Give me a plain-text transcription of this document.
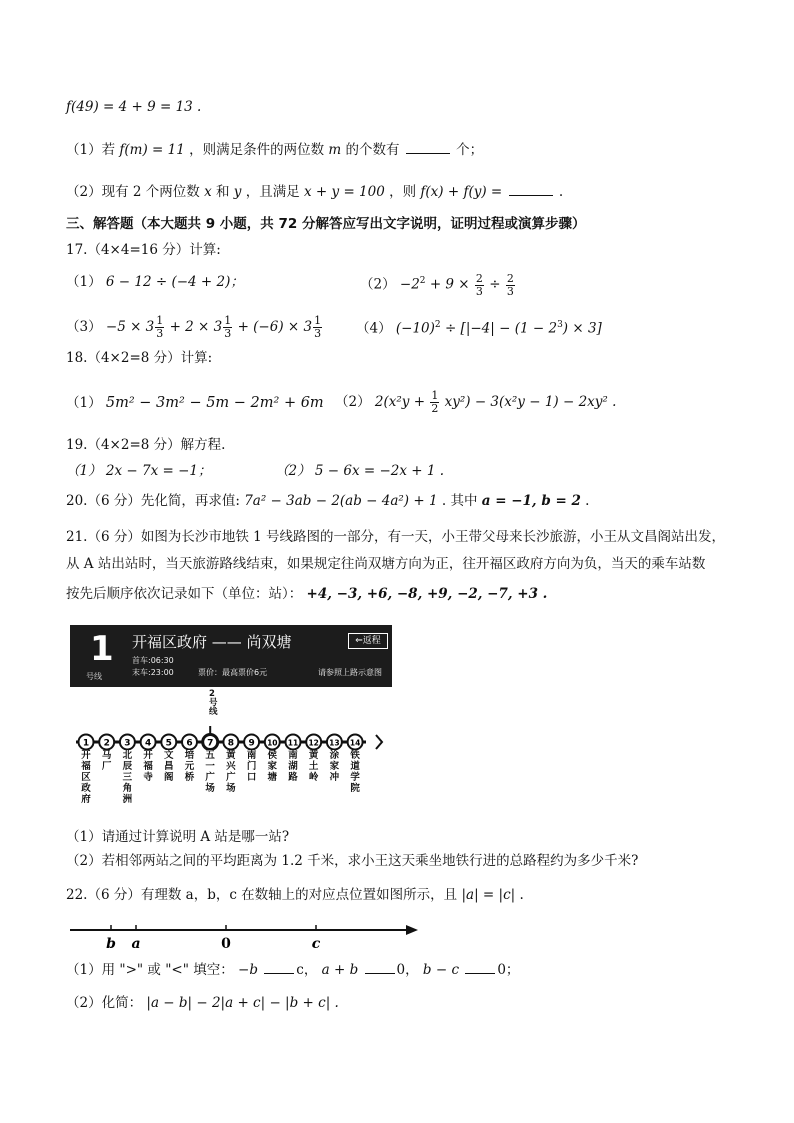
f(49) = 4 + 9 = 13 .
（1）若 f(m) = 11 ，则满足条件的两位数 m 的个数有	个；
（2）现有 2 个两位数 x 和 y ，且满足 x + y = 100 ，则 f(x) + f(y) =	.
三、解答题（本大题共 9 小题，共 72 分解答应写出文字说明，证明过程或演算步骤）
17.（4×4=16 分）计算:
（1） 6 − 12 ÷ (−4 + 2)；	$(2) -2^2 + 9 \times \frac{2}{3} \div \frac{2}{3}$
$(3) -5 \times 3 \frac{1}{3} + 2 \times 3 \frac{1}{3} + (-6) \times 3 \frac{1}{3}$	（4） $(-10)^2 \div [|-4| - (1 - 2^3) \times 3]$
18.（4×2=8 分）计算:
（1） 5m² − 3m² − 5m − 2m² + 6m （2） $2(x^2y + \frac{1}{2} xy^2) - 3(x^2y - 1) - 2xy^2$ .
19.（4×2=8 分）解方程.
（1） 2x − 7x = −1；	（2） 5 − 6x = −2x + 1 .
20.（6 分）先化简，再求值: 7a² − 3ab − 2(ab − 4a²) + 1 . 其中 a = −1, b = 2 .
21.（6 分）如图为长沙市地铁 1 号线路图的一部分，有一天，小王带父母来长沙旅游，小王从文昌阁站出发，
从 A 站出站时，当天旅游路线结束，如果规定往尚双塘方向为正，往开福区政府方向为负，当天的乘车站数
按先后顺序依次记录如下（单位：站）： +4, −3, +6, −8, +9, −2, −7, +3 .
1
号线
开福区政府 —— 尚双塘	⇐返程
首车:06:30
末车:23:00	票价：最高票价6元	请参照上路示意图
1 2 3 4 5 6 7 8 9 10 11 12 13 14
2号线
开福区政府
马厂
北辰三角洲
开福寺
文昌阁
培元桥
五一广场
黄兴广场
南门口
侯家塘
南湖路
黄土岭
涂家冲
铁道学院
（1）请通过计算说明 A 站是哪一站?
（2）若相邻两站之间的平均距离为 1.2 千米，求小王这天乘坐地铁行进的总路程约为多少千米?
22.（6 分）有理数 a，b，c 在数轴上的对应点位置如图所示，且 |a| = |c| .
b a	0	c
（1）用 ">" 或 "<" 填空： −b	c， a + b	0， b − c	0；
（2）化简： |a − b| − 2|a + c| − |b + c| .
